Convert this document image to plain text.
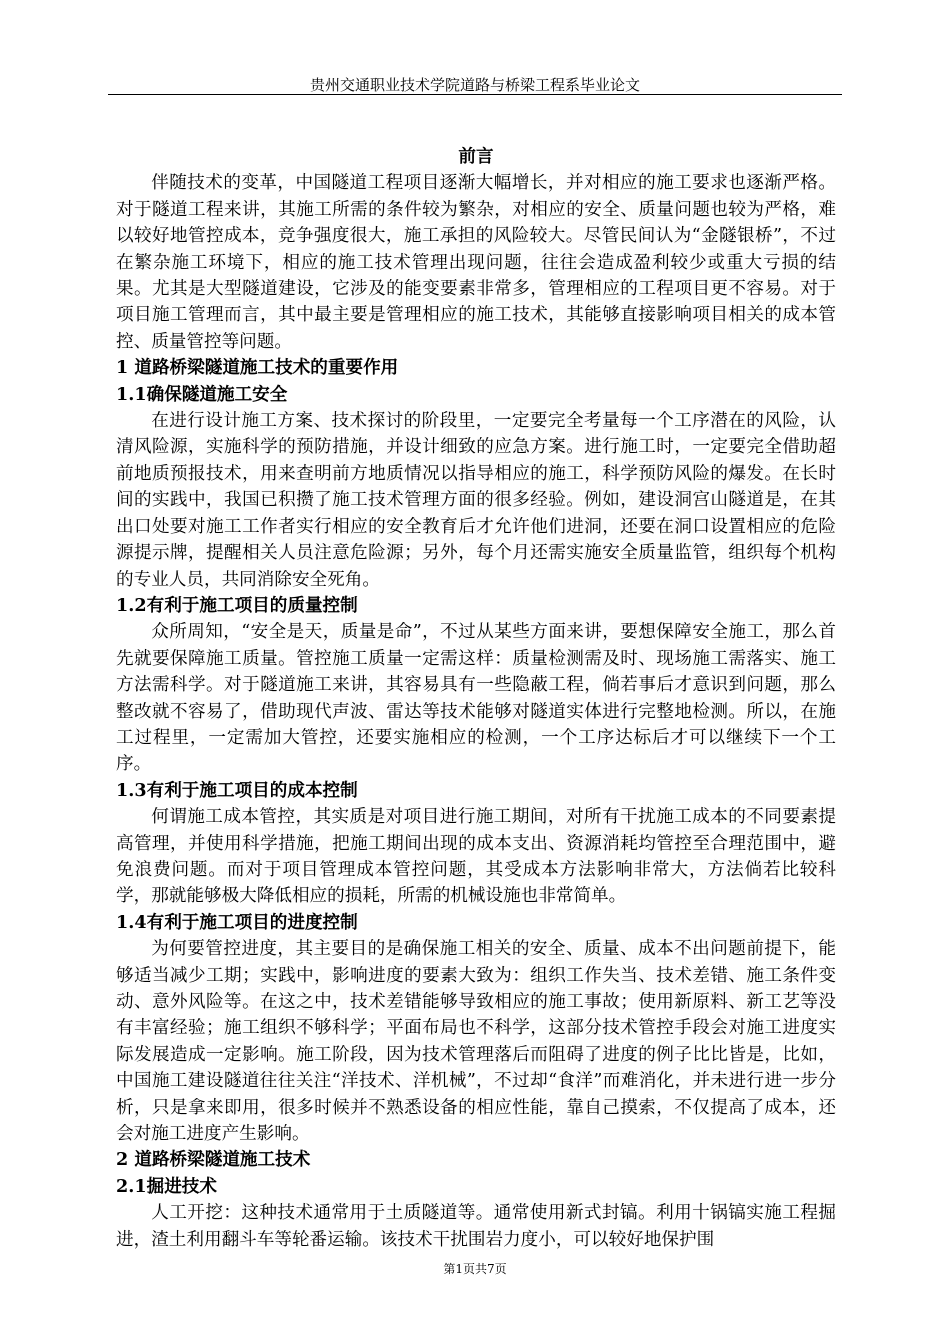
贵州交通职业技术学院道路与桥梁工程系毕业论文
前言

伴随技术的变革，中国隧道工程项目逐渐大幅增长，并对相应的施工要求也逐渐严格。对于隧道工程来讲，其施工所需的条件较为繁杂，对相应的安全、质量问题也较为严格，难以较好地管控成本，竞争强度很大，施工承担的风险较大。尽管民间认为“金隧银桥”，不过在繁杂施工环境下，相应的施工技术管理出现问题，往往会造成盈利较少或重大亏损的结果。尤其是大型隧道建设，它涉及的能变要素非常多，管理相应的工程项目更不容易。对于项目施工管理而言，其中最主要是管理相应的施工技术，其能够直接影响项目相关的成本管控、质量管控等问题。

1 道路桥梁隧道施工技术的重要作用
1.1确保隧道施工安全

在进行设计施工方案、技术探讨的阶段里，一定要完全考量每一个工序潜在的风险，认清风险源，实施科学的预防措施，并设计细致的应急方案。进行施工时，一定要完全借助超前地质预报技术，用来查明前方地质情况以指导相应的施工，科学预防风险的爆发。在长时间的实践中，我国已积攒了施工技术管理方面的很多经验。例如，建设洞宫山隧道是，在其出口处要对施工工作者实行相应的安全教育后才允许他们进洞，还要在洞口设置相应的危险源提示牌，提醒相关人员注意危险源；另外，每个月还需实施安全质量监管，组织每个机构的专业人员，共同消除安全死角。

1.2有利于施工项目的质量控制

众所周知，“安全是天，质量是命”，不过从某些方面来讲，要想保障安全施工，那么首先就要保障施工质量。管控施工质量一定需这样：质量检测需及时、现场施工需落实、施工方法需科学。对于隧道施工来讲，其容易具有一些隐蔽工程，倘若事后才意识到问题，那么整改就不容易了，借助现代声波、雷达等技术能够对隧道实体进行完整地检测。所以，在施工过程里，一定需加大管控，还要实施相应的检测，一个工序达标后才可以继续下一个工序。

1.3有利于施工项目的成本控制

何谓施工成本管控，其实质是对项目进行施工期间，对所有干扰施工成本的不同要素提高管理，并使用科学措施，把施工期间出现的成本支出、资源消耗均管控至合理范围中，避免浪费问题。而对于项目管理成本管控问题，其受成本方法影响非常大，方法倘若比较科学，那就能够极大降低相应的损耗，所需的机械设施也非常简单。

1.4有利于施工项目的进度控制

为何要管控进度，其主要目的是确保施工相关的安全、质量、成本不出问题前提下，能够适当减少工期；实践中，影响进度的要素大致为：组织工作失当、技术差错、施工条件变动、意外风险等。在这之中，技术差错能够导致相应的施工事故；使用新原料、新工艺等没有丰富经验；施工组织不够科学；平面布局也不科学，这部分技术管控手段会对施工进度实际发展造成一定影响。施工阶段，因为技术管理落后而阻碍了进度的例子比比皆是，比如，中国施工建设隧道往往关注“洋技术、洋机械”，不过却“食洋”而难消化，并未进行进一步分析，只是拿来即用，很多时候并不熟悉设备的相应性能，靠自己摸索，不仅提高了成本，还会对施工进度产生影响。

2 道路桥梁隧道施工技术
2.1掘进技术

人工开挖：这种技术通常用于土质隧道等。通常使用新式封镐。利用十锅镐实施工程掘进，渣土利用翻斗车等轮番运输。该技术干扰围岩力度小，可以较好地保护围

第1页共7页
